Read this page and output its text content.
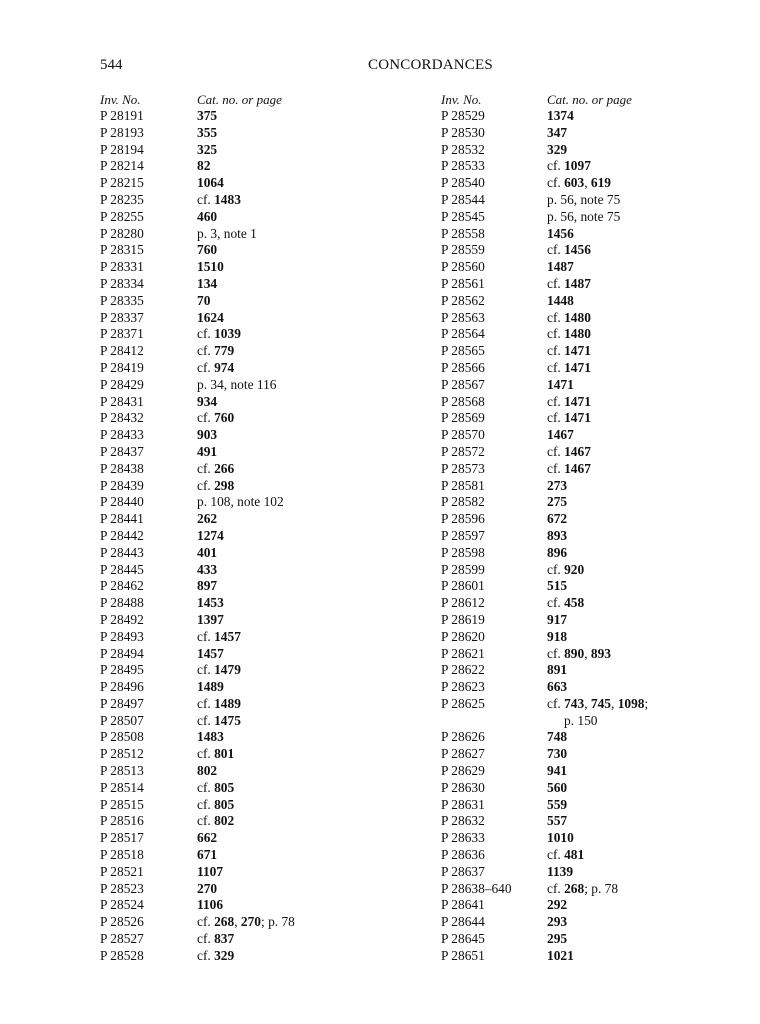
544	CONCORDANCES
Inv. No.	Cat. no. or page
P 28191	375
P 28193	355
P 28194	325
P 28214	82
P 28215	1064
P 28235	cf. 1483
P 28255	460
P 28280	p. 3, note 1
P 28315	760
P 28331	1510
P 28334	134
P 28335	70
P 28337	1624
P 28371	cf. 1039
P 28412	cf. 779
P 28419	cf. 974
P 28429	p. 34, note 116
P 28431	934
P 28432	cf. 760
P 28433	903
P 28437	491
P 28438	cf. 266
P 28439	cf. 298
P 28440	p. 108, note 102
P 28441	262
P 28442	1274
P 28443	401
P 28445	433
P 28462	897
P 28488	1453
P 28492	1397
P 28493	cf. 1457
P 28494	1457
P 28495	cf. 1479
P 28496	1489
P 28497	cf. 1489
P 28507	cf. 1475
P 28508	1483
P 28512	cf. 801
P 28513	802
P 28514	cf. 805
P 28515	cf. 805
P 28516	cf. 802
P 28517	662
P 28518	671
P 28521	1107
P 28523	270
P 28524	1106
P 28526	cf. 268, 270; p. 78
P 28527	cf. 837
P 28528	cf. 329
Inv. No.	Cat. no. or page
P 28529	1374
P 28530	347
P 28532	329
P 28533	cf. 1097
P 28540	cf. 603, 619
P 28544	p. 56, note 75
P 28545	p. 56, note 75
P 28558	1456
P 28559	cf. 1456
P 28560	1487
P 28561	cf. 1487
P 28562	1448
P 28563	cf. 1480
P 28564	cf. 1480
P 28565	cf. 1471
P 28566	cf. 1471
P 28567	1471
P 28568	cf. 1471
P 28569	cf. 1471
P 28570	1467
P 28572	cf. 1467
P 28573	cf. 1467
P 28581	273
P 28582	275
P 28596	672
P 28597	893
P 28598	896
P 28599	cf. 920
P 28601	515
P 28612	cf. 458
P 28619	917
P 28620	918
P 28621	cf. 890, 893
P 28622	891
P 28623	663
P 28625	cf. 743, 745, 1098;
p. 150
P 28626	748
P 28627	730
P 28629	941
P 28630	560
P 28631	559
P 28632	557
P 28633	1010
P 28636	cf. 481
P 28637	1139
P 28638–640	cf. 268; p. 78
P 28641	292
P 28644	293
P 28645	295
P 28651	1021
